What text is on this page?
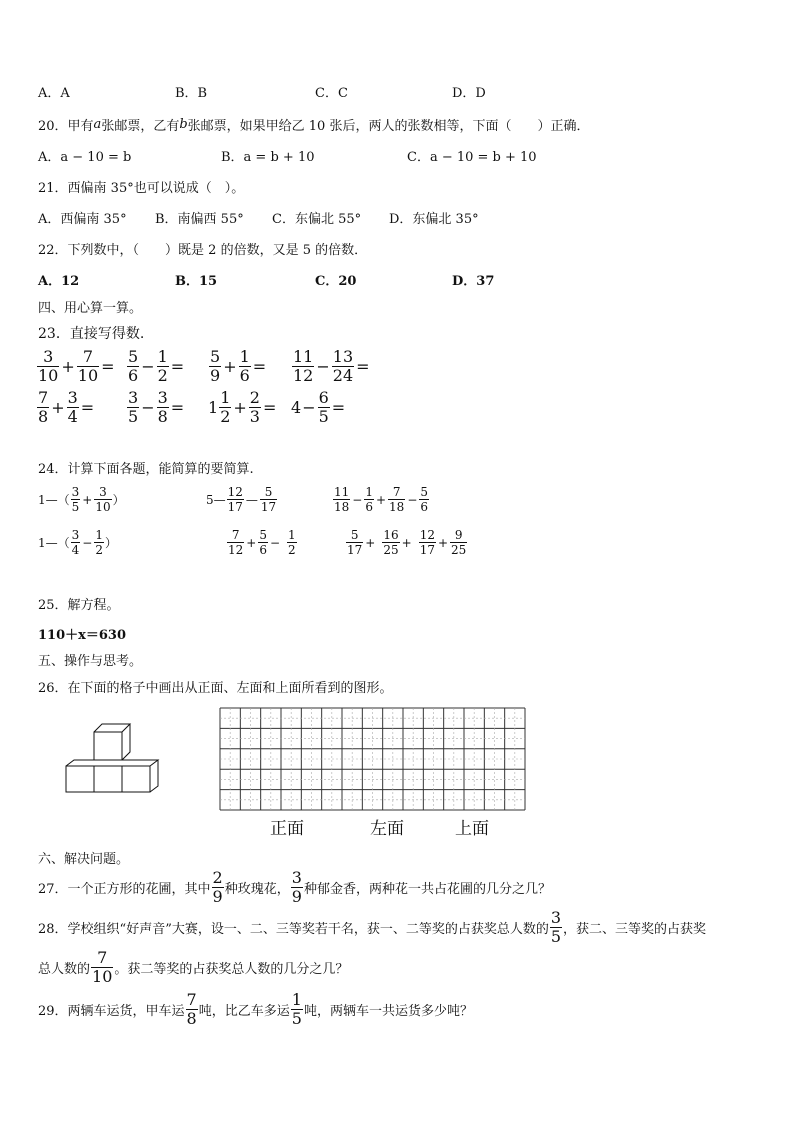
A．A	B．B	C．C	D．D
20．甲有 a 张邮票，乙有 b 张邮票，如果甲给乙 10 张后，两人的张数相等，下面（　　）正确．
A．a − 10 = b	B．a = b + 10	C．a − 10 = b + 10
21．西偏南 35°也可以说成（　）。
A．西偏南 35°	B．南偏西 55°	C．东偏北 55°	D．东偏北 35°
22．下列数中，（　　）既是 2 的倍数，又是 5 的倍数．
A．12	B．15	C．20	D．37
四、用心算一算。
23．直接写得数.
$\frac{3}{10} + \frac{7}{10} = \frac{5}{6} - \frac{1}{2} = \frac{5}{9} + \frac{1}{6} = \frac{11}{12} - \frac{13}{24}$ =
$\frac{7}{8} + \frac{3}{4} = \frac{3}{5} - \frac{3}{8} = 1 \frac{1}{2} + \frac{2}{3} = 4 - \frac{6}{5}$ =
24．计算下面各题，能简算的要简算.
1—（ $\frac{3}{5} + \frac{3}{10}$ ）	5— $\frac{12}{17}$ — $\frac{5}{17}$	$\frac{11}{18} - \frac{1}{6} + \frac{7}{18} - \frac{5}{6}$
1—（ $\frac{3}{4} - \frac{1}{2}$ ）	$\frac{7}{12} + \frac{5}{6} - \frac{1}{2}$	$\frac{5}{17} + \frac{16}{25} + \frac{12}{17} + \frac{9}{25}$
25．解方程。
110＋x＝630
五、操作与思考。
26．在下面的格子中画出从正面、左面和上面所看到的图形。
正面	左面	上面
六、解决问题。
27．一个正方形的花圃，其中 $\frac{2}{9}$ 种玫瑰花， $\frac{3}{9}$ 种郁金香，两种花一共占花圃的几分之几？
28．学校组织“好声音”大赛，设一、二、三等奖若干名，获一、二等奖的占获奖总人数的 $\frac{3}{5}$ ，获二、三等奖的占获奖
总人数的 $\frac{7}{10}$ 。获二等奖的占获奖总人数的几分之几？
29．两辆车运货，甲车运 $\frac{7}{8}$ 吨，比乙车多运 $\frac{1}{5}$ 吨，两辆车一共运货多少吨？
